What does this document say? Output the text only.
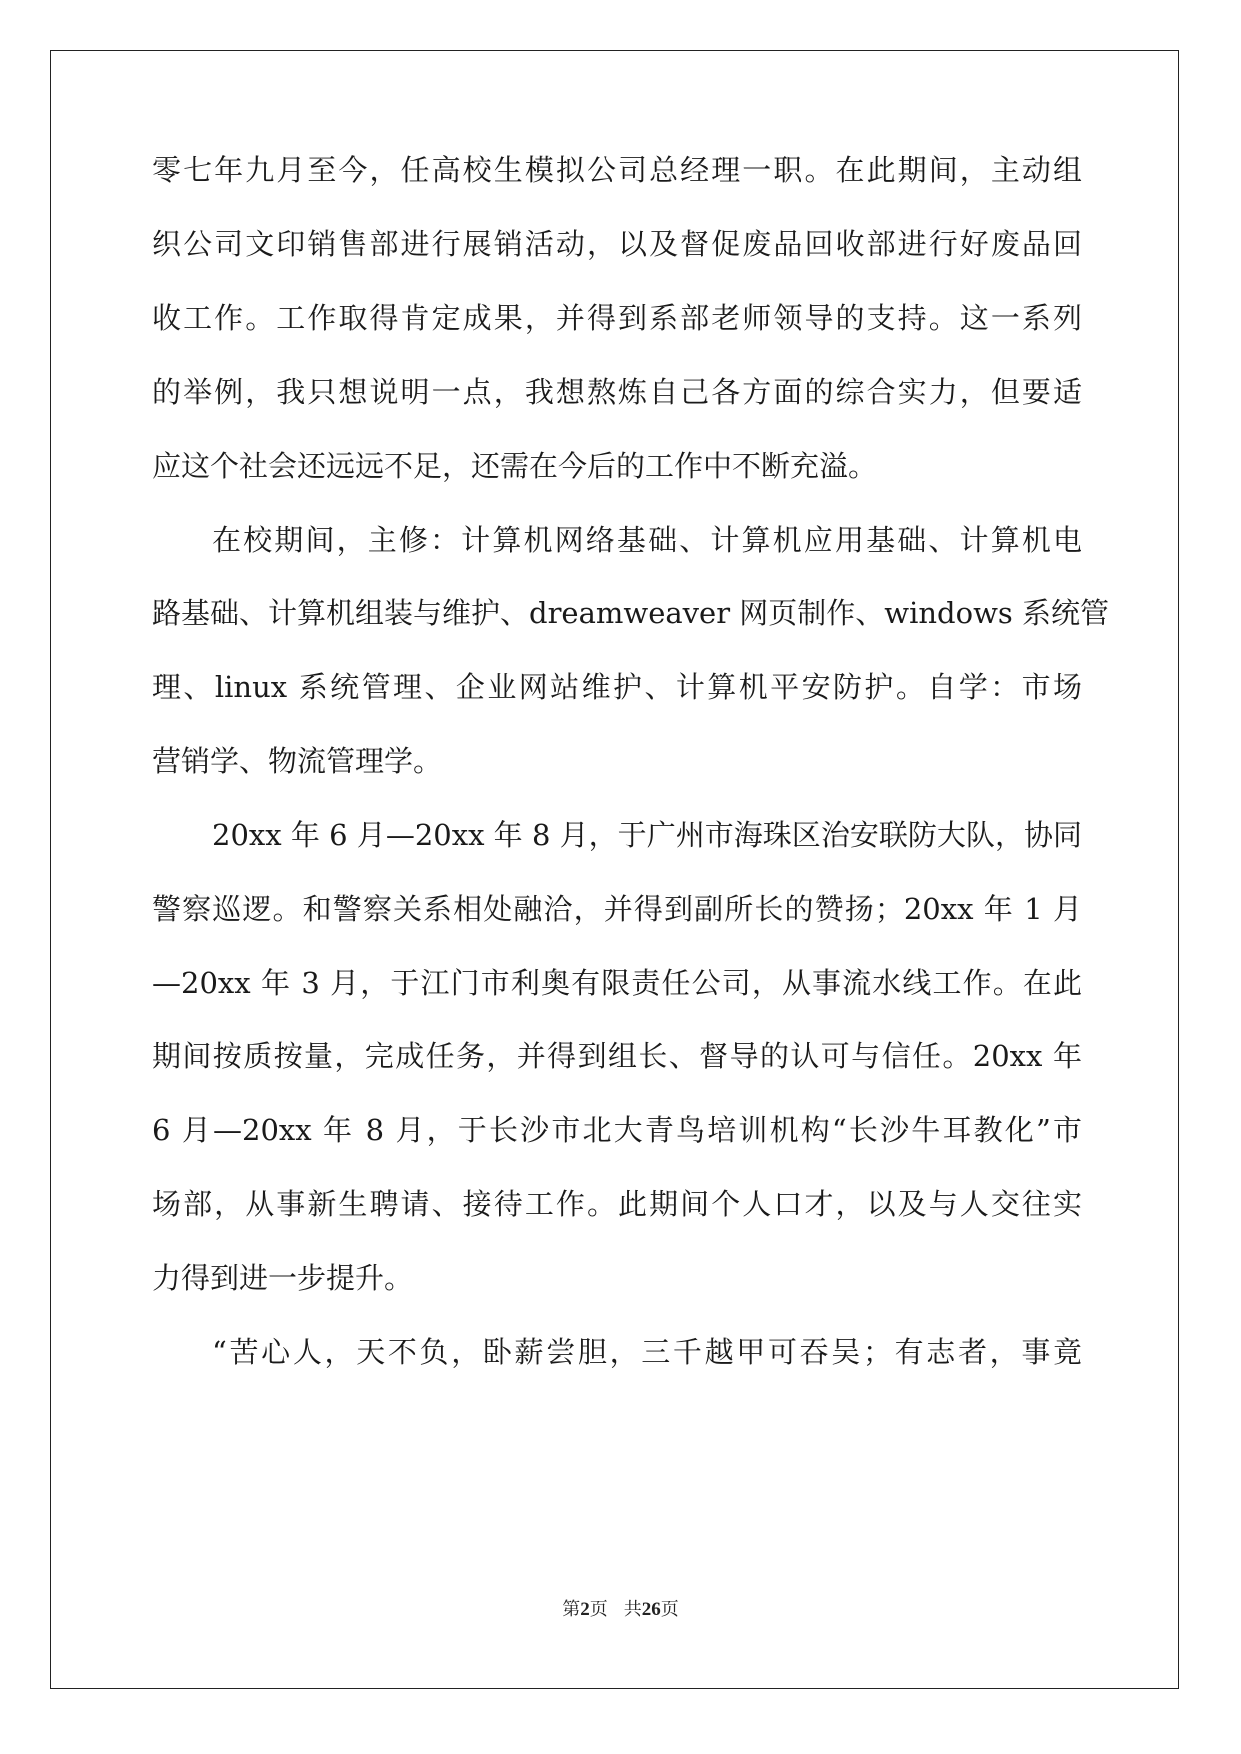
零七年九月至今，任高校生模拟公司总经理一职。在此期间，主动组
织公司文印销售部进行展销活动，以及督促废品回收部进行好废品回
收工作。工作取得肯定成果，并得到系部老师领导的支持。这一系列
的举例，我只想说明一点，我想熬炼自己各方面的综合实力，但要适
应这个社会还远远不足，还需在今后的工作中不断充溢。
在校期间，主修：计算机网络基础、计算机应用基础、计算机电
路基础、计算机组装与维护、dreamweaver 网页制作、windows 系统管
理、linux 系统管理、企业网站维护、计算机平安防护。自学：市场
营销学、物流管理学。
20xx 年 6 月—20xx 年 8 月，于广州市海珠区治安联防大队，协同
警察巡逻。和警察关系相处融洽，并得到副所长的赞扬；20xx 年 1 月
—20xx 年 3 月，于江门市利奥有限责任公司，从事流水线工作。在此
期间按质按量，完成任务，并得到组长、督导的认可与信任。20xx 年
6 月—20xx 年 8 月，于长沙市北大青鸟培训机构“长沙牛耳教化”市
场部，从事新生聘请、接待工作。此期间个人口才，以及与人交往实
力得到进一步提升。
“苦心人，天不负，卧薪尝胆，三千越甲可吞吴；有志者，事竟
第2页 共26页
